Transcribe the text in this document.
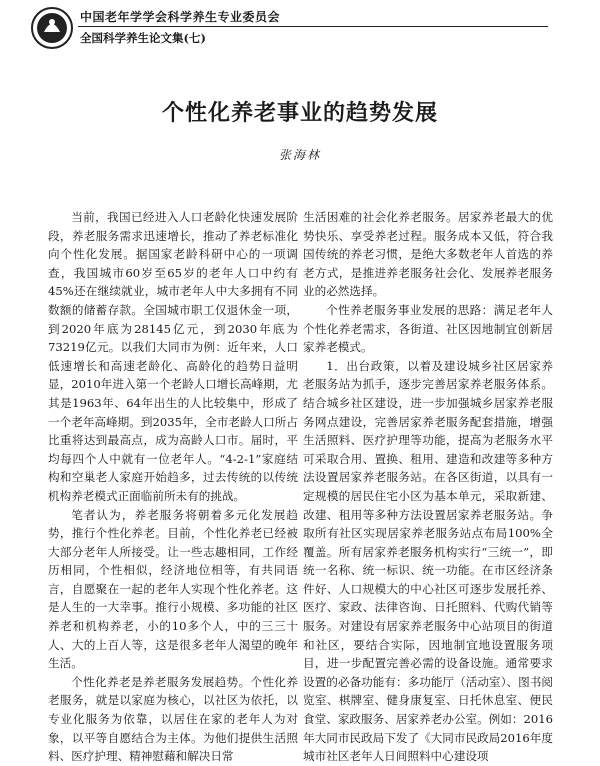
中国老年学学会科学养生专业委员会
全国科学养生论文集(七)
个性化养老事业的趋势发展
张海林

当前，我国已经进入人口老龄化快速发展阶段，养老服务需求迅速增长，推动了养老标准化向个性化发展。据国家老龄科研中心的一项调查，我国城市60岁至65岁的老年人口中约有45%还在继续就业，城市老年人中大多拥有不同数额的储蓄存款。全国城市职工仅退休金一项，到2020年底为28145亿元，到2030年底为73219亿元。以我们大同市为例：近年来，人口低速增长和高速老龄化、高龄化的趋势日益明显，2010年进入第一个老龄人口增长高峰期，尤其是1963年、64年出生的人比较集中，形成了一个老年高峰期。到2035年，全市老龄人口所占比重将达到最高点，成为高龄人口市。届时，平均每四个人中就有一位老年人。“4-2-1”家庭结构和空巢老人家庭开始趋多，过去传统的以传统机构养老模式正面临前所未有的挑战。

笔者认为，养老服务将朝着多元化发展趋势，推行个性化养老。目前，个性化养老已经被大部分老年人所接受。让一些志趣相同，工作经历相同，个性相似，经济地位相等，有共同语言，自愿聚在一起的老年人实现个性化养老。这是人生的一大幸事。推行小规模、多功能的社区养老和机构养老，小的10多个人，中的三三十人、大的上百人等，这是很多老年人渴望的晚年生活。

个性化养老是养老服务发展趋势。个性化养老服务，就是以家庭为核心，以社区为依托，以专业化服务为依靠，以居住在家的老年人为对象，以平等自愿结合为主体。为他们提供生活照料、医疗护理、精神慰藉和解决日常

生活困难的社会化养老服务。居家养老最大的优势快乐、享受养老过程。服务成本又低，符合我国传统的养老习惯，是绝大多数老年人首选的养老方式，是推进养老服务社会化、发展养老服务业的必然选择。

个性养老服务事业发展的思路：满足老年人个性化养老需求，各街道、社区因地制宜创新居家养老模式。

1．出台政策，以着及建设城乡社区居家养老服务站为抓手，逐步完善居家养老服务体系。结合城乡社区建设，进一步加强城乡居家养老服务网点建设，完善居家养老服务配套措施，增强生活照料、医疗护理等功能，提高为老服务水平可采取合用、置换、租用、建造和改建等多种方法设置居家养老服务站。在各区街道，以具有一定规模的居民住宅小区为基本单元，采取新建、改建、租用等多种方法设置居家养老服务站。争取所有社区实现居家养老服务站点布局100%全覆盖。所有居家养老服务机构实行“三统一”，即统一名称、统一标识、统一功能。在市区经济条件好、人口规模大的中心社区可逐步发展托养、医疗、家政、法律咨询、日托照料、代购代销等服务。对建设有居家养老服务中心站项目的街道和社区，要结合实际，因地制宜地设置服务项目，进一步配置完善必需的设备设施。通常要求设置的必备功能有：多功能厅（活动室）、图书阅览室、棋牌室、健身康复室、日托休息室、便民食堂、家政服务、居家养老办公室。例如：2016年大同市民政局下发了《大同市民政局2016年度城市社区老年人日间照料中心建设项
